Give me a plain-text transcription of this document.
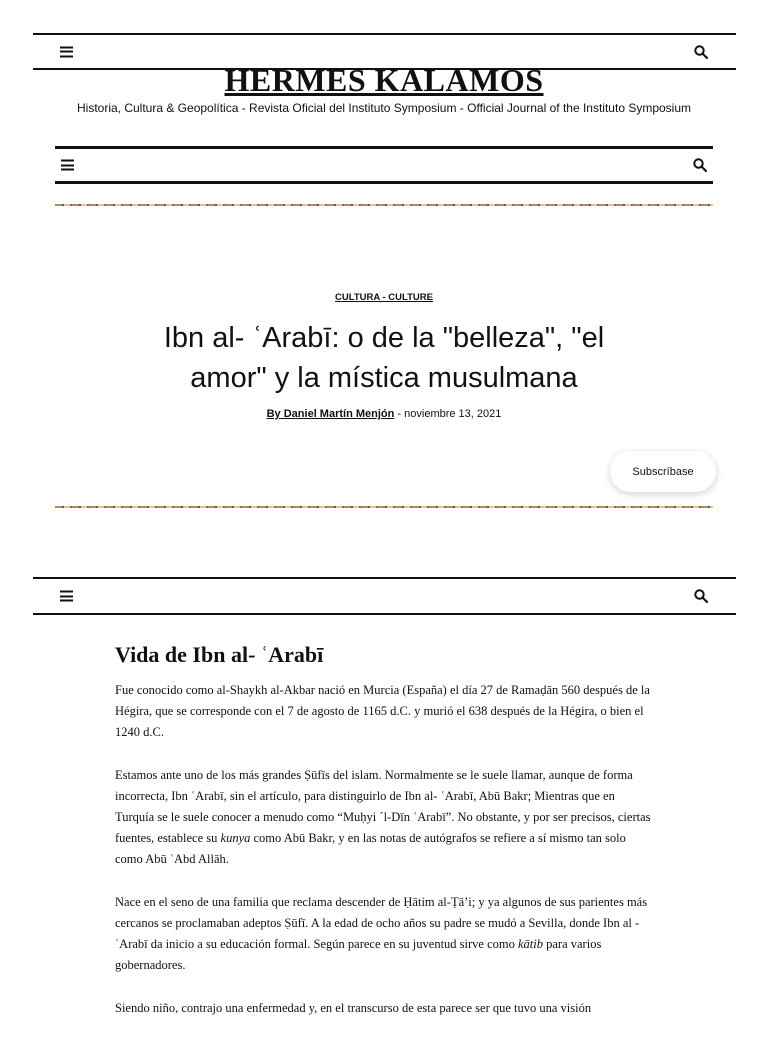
HERMES KALAMOS
Historia, Cultura & Geopolítica - Revista Oficial del Instituto Symposium - Official Journal of the Instituto Symposium
CULTURA - CULTURE
Ibn al- ʿArabī: o de la "belleza", "el amor" y la mística musulmana
By Daniel Martín Menjón - noviembre 13, 2021
Subscríbase
Vida de Ibn al- ʿArabī

Fue conocido como al-Shaykh al-Akbar nació en Murcia (España) el día 27 de Ramaḍān 560 después de la Hégira, que se corresponde con el 7 de agosto de 1165 d.C. y murió el 638 después de la Hégira, o bien el 1240 d.C.

Estamos ante uno de los más grandes Ṣūfīs del islam. Normalmente se le suele llamar, aunque de forma incorrecta, Ibn ʿArabī, sin el artículo, para distinguirlo de Ibn al- ʿArabī, Abū Bakr; Mientras que en Turquía se le suele conocer a menudo como “Muḥyi ´l-Dīn ʿArabī”. No obstante, y por ser precisos, ciertas fuentes, establece su kunya como Abū Bakr, y en las notas de autógrafos se refiere a sí mismo tan solo como Abū ʿAbd Allāh.

Nace en el seno de una familia que reclama descender de Ḥātim al-Ṭāʼi; y ya algunos de sus parientes más cercanos se proclamaban adeptos Ṣūfī. A la edad de ocho años su padre se mudó a Sevilla, donde Ibn al - ʿArabī da inicio a su educación formal. Según parece en su juventud sirve como kātib para varios gobernadores.

Siendo niño, contrajo una enfermedad y, en el transcurso de esta parece ser que tuvo una visión
